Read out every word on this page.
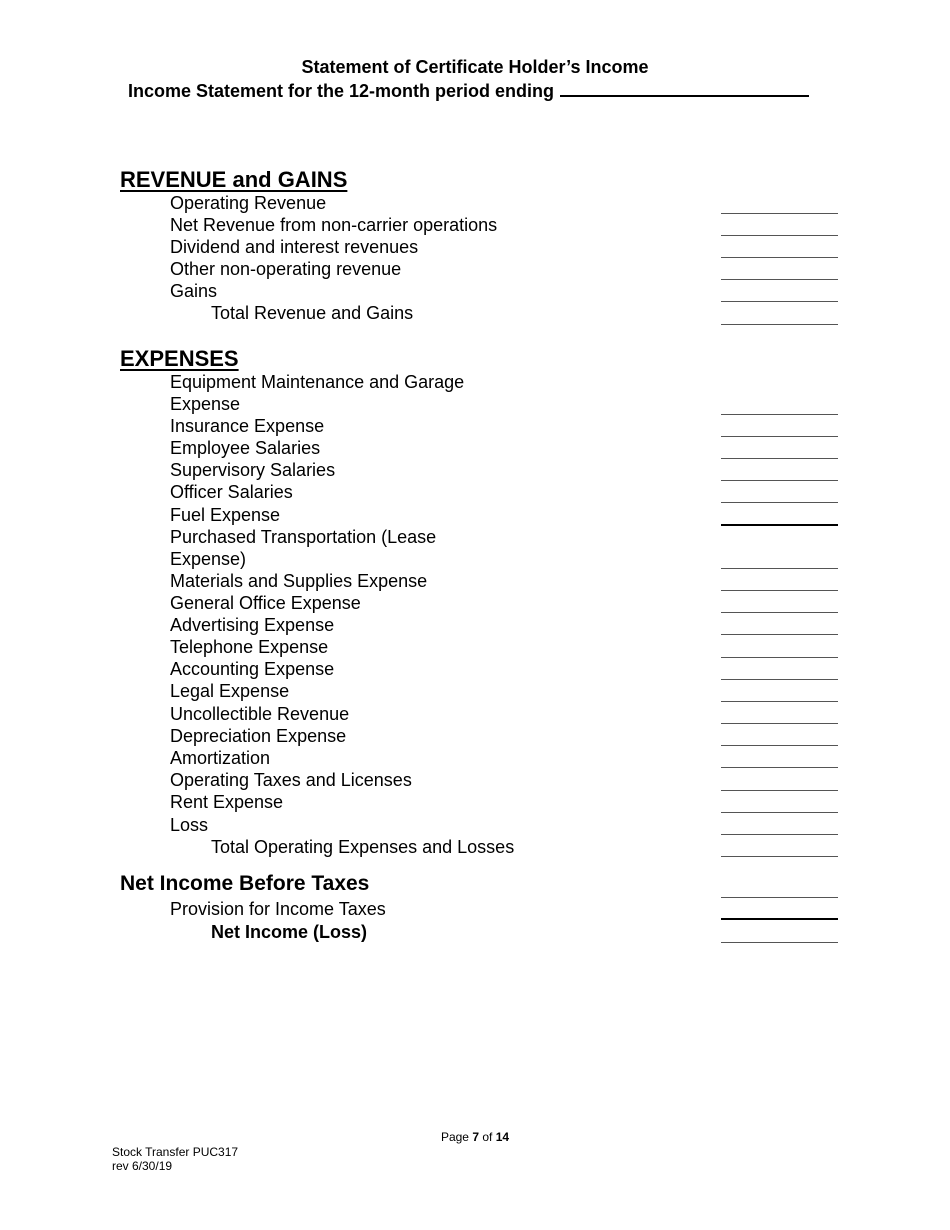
Statement of Certificate Holder’s Income
Income Statement for the 12-month period ending
REVENUE and GAINS
Operating Revenue
Net Revenue from non-carrier operations
Dividend and interest revenues
Other non-operating revenue
Gains
Total Revenue and Gains
EXPENSES
Equipment Maintenance and Garage
Expense
Insurance Expense
Employee Salaries
Supervisory Salaries
Officer Salaries
Fuel Expense
Purchased Transportation (Lease
Expense)
Materials and Supplies Expense
General Office Expense
Advertising Expense
Telephone Expense
Accounting Expense
Legal Expense
Uncollectible Revenue
Depreciation Expense
Amortization
Operating Taxes and Licenses
Rent Expense
Loss
Total Operating Expenses and Losses
Net Income Before Taxes
Provision for Income Taxes
Net Income (Loss)
Page 7 of 14
Stock Transfer PUC317
rev 6/30/19
